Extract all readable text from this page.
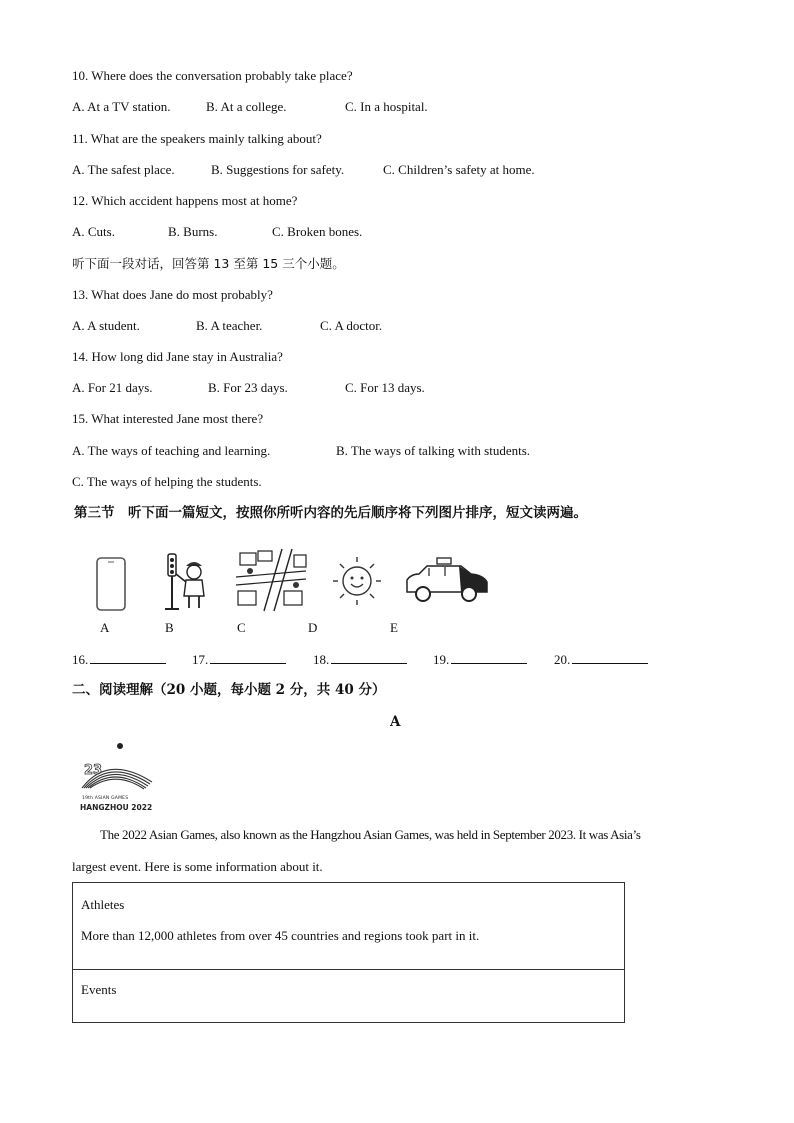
10. Where does the conversation probably take place?
A. At a TV station.	B. At a college.	C. In a hospital.
11. What are the speakers mainly talking about?
A. The safest place.	B. Suggestions for safety.	C. Children’s safety at home.
12. Which accident happens most at home?
A. Cuts.	B. Burns.	C. Broken bones.
听下面一段对话，回答第 13 至第 15 三个小题。
13. What does Jane do most probably?
A. A student.	B. A teacher.	C. A doctor.
14. How long did Jane stay in Australia?
A. For 21 days.	B. For 23 days.	C. For 13 days.
15. What interested Jane most there?
A. The ways of teaching and learning.	B. The ways of talking with students.
C. The ways of helping the students.
第三节　听下面一篇短文，按照你所听内容的先后顺序将下列图片排序，短文读两遍。
A	B	C	D	E
16.	17.	18.	19.	20.
二、阅读理解（20 小题，每小题 2 分，共 40 分）
A
23
19th ASIAN GAMES
HANGZHOU 2022
The 2022 Asian Games, also known as the Hangzhou Asian Games, was held in September 2023. It was Asia’s
largest event. Here is some information about it.
Athletes
More than 12,000 athletes from over 45 countries and regions took part in it.

Events
